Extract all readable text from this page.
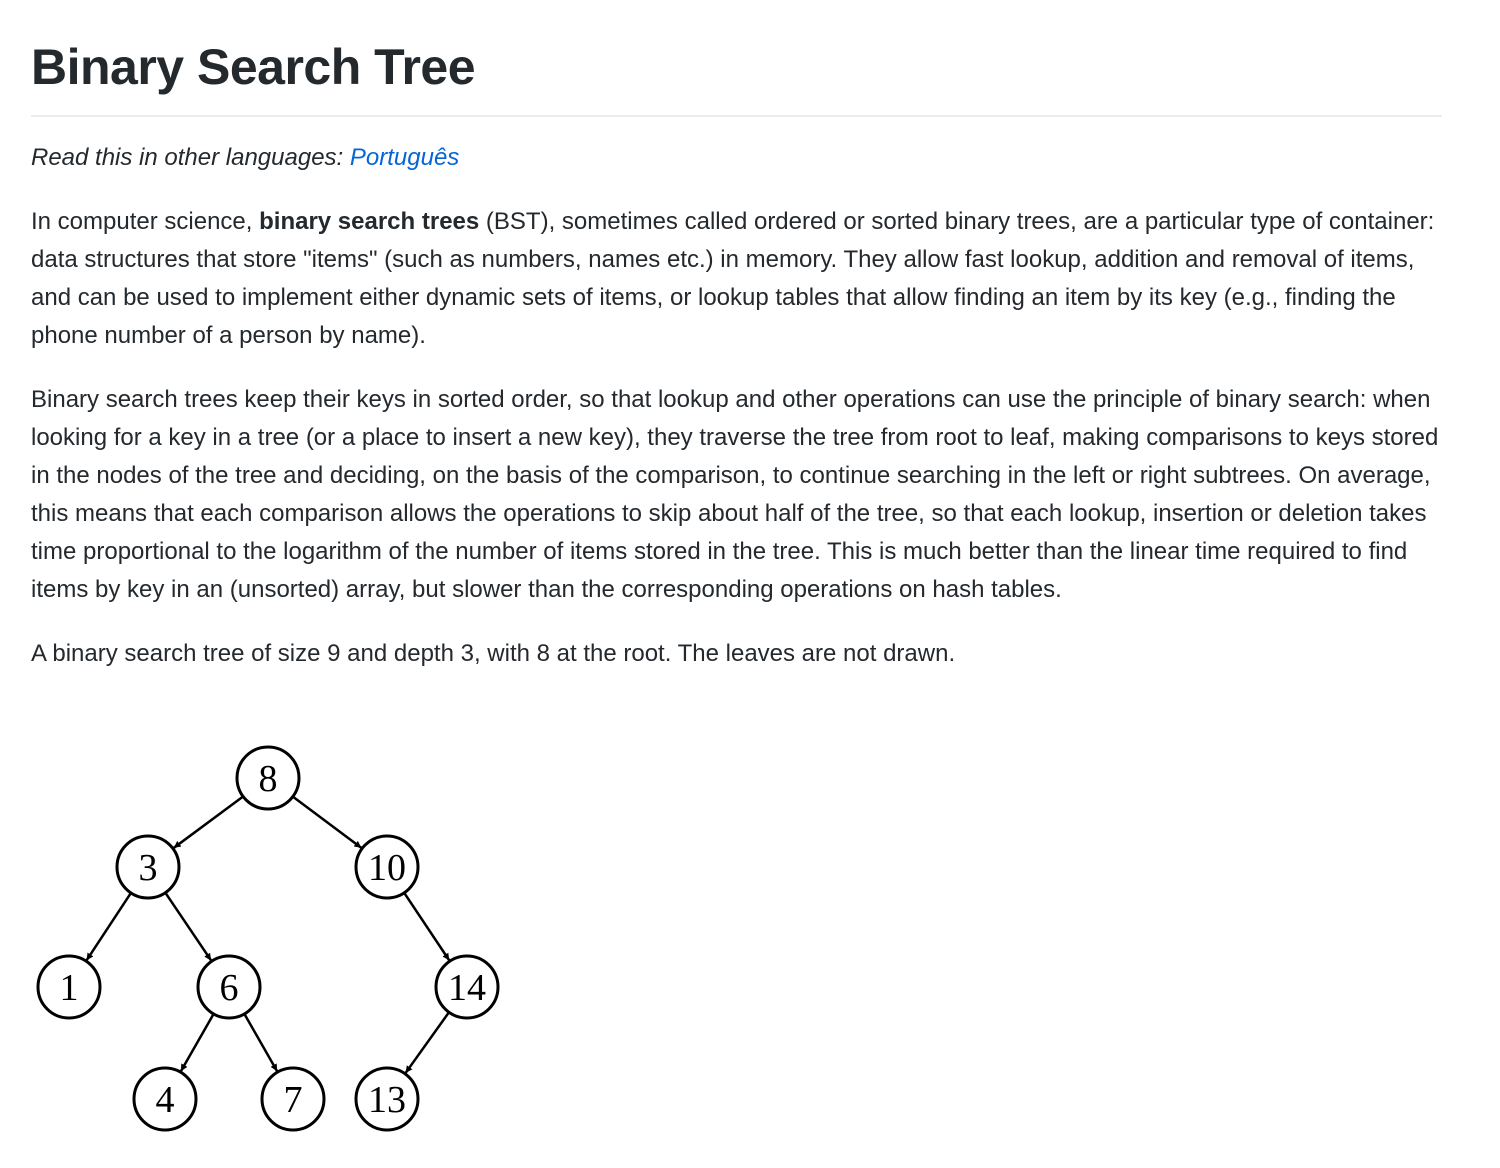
Binary Search Tree

Read this in other languages: Português

In computer science, binary search trees (BST), sometimes called ordered or sorted binary trees, are a particular type of container: data structures that store "items" (such as numbers, names etc.) in memory. They allow fast lookup, addition and removal of items, and can be used to implement either dynamic sets of items, or lookup tables that allow finding an item by its key (e.g., finding the phone number of a person by name).

Binary search trees keep their keys in sorted order, so that lookup and other operations can use the principle of binary search: when looking for a key in a tree (or a place to insert a new key), they traverse the tree from root to leaf, making comparisons to keys stored in the nodes of the tree and deciding, on the basis of the comparison, to continue searching in the left or right subtrees. On average, this means that each comparison allows the operations to skip about half of the tree, so that each lookup, insertion or deletion takes time proportional to the logarithm of the number of items stored in the tree. This is much better than the linear time required to find items by key in an (unsorted) array, but slower than the corresponding operations on hash tables.

A binary search tree of size 9 and depth 3, with 8 at the root. The leaves are not drawn.

8
3	10
1	6	14
4	7 13
